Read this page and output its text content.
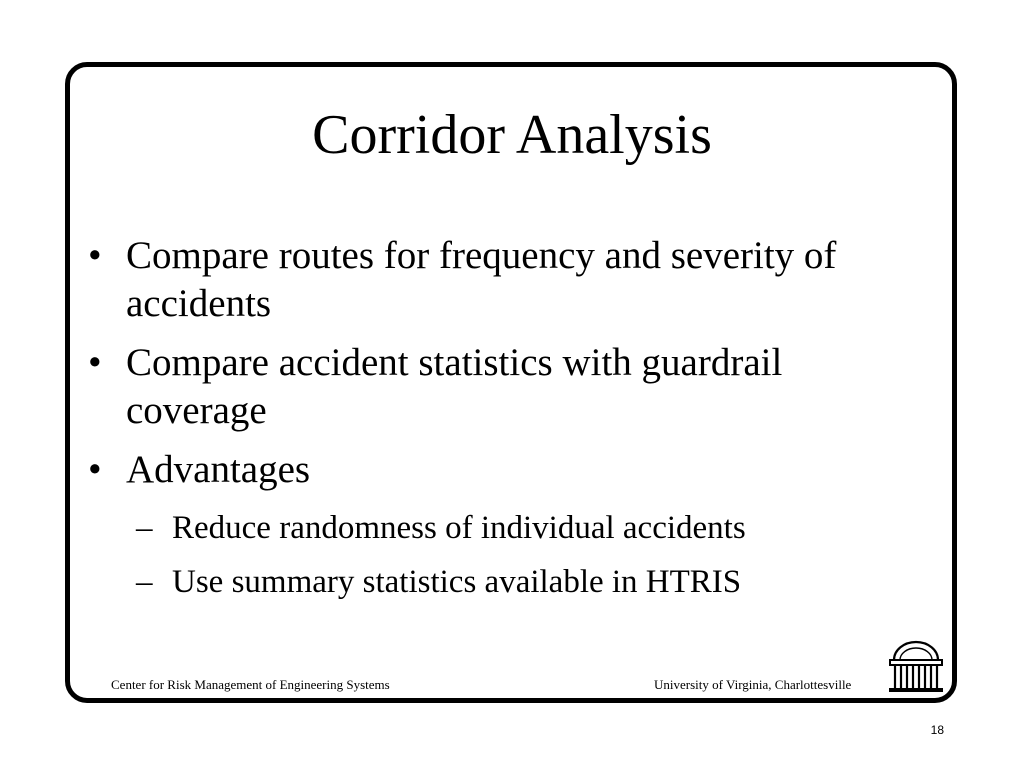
Corridor Analysis
• Compare routes for frequency and severity of accidents
• Compare accident statistics with guardrail coverage
• Advantages
– Reduce randomness of individual accidents
– Use summary statistics available in HTRIS
Center for Risk Management of Engineering Systems	University of Virginia, Charlottesville
18
